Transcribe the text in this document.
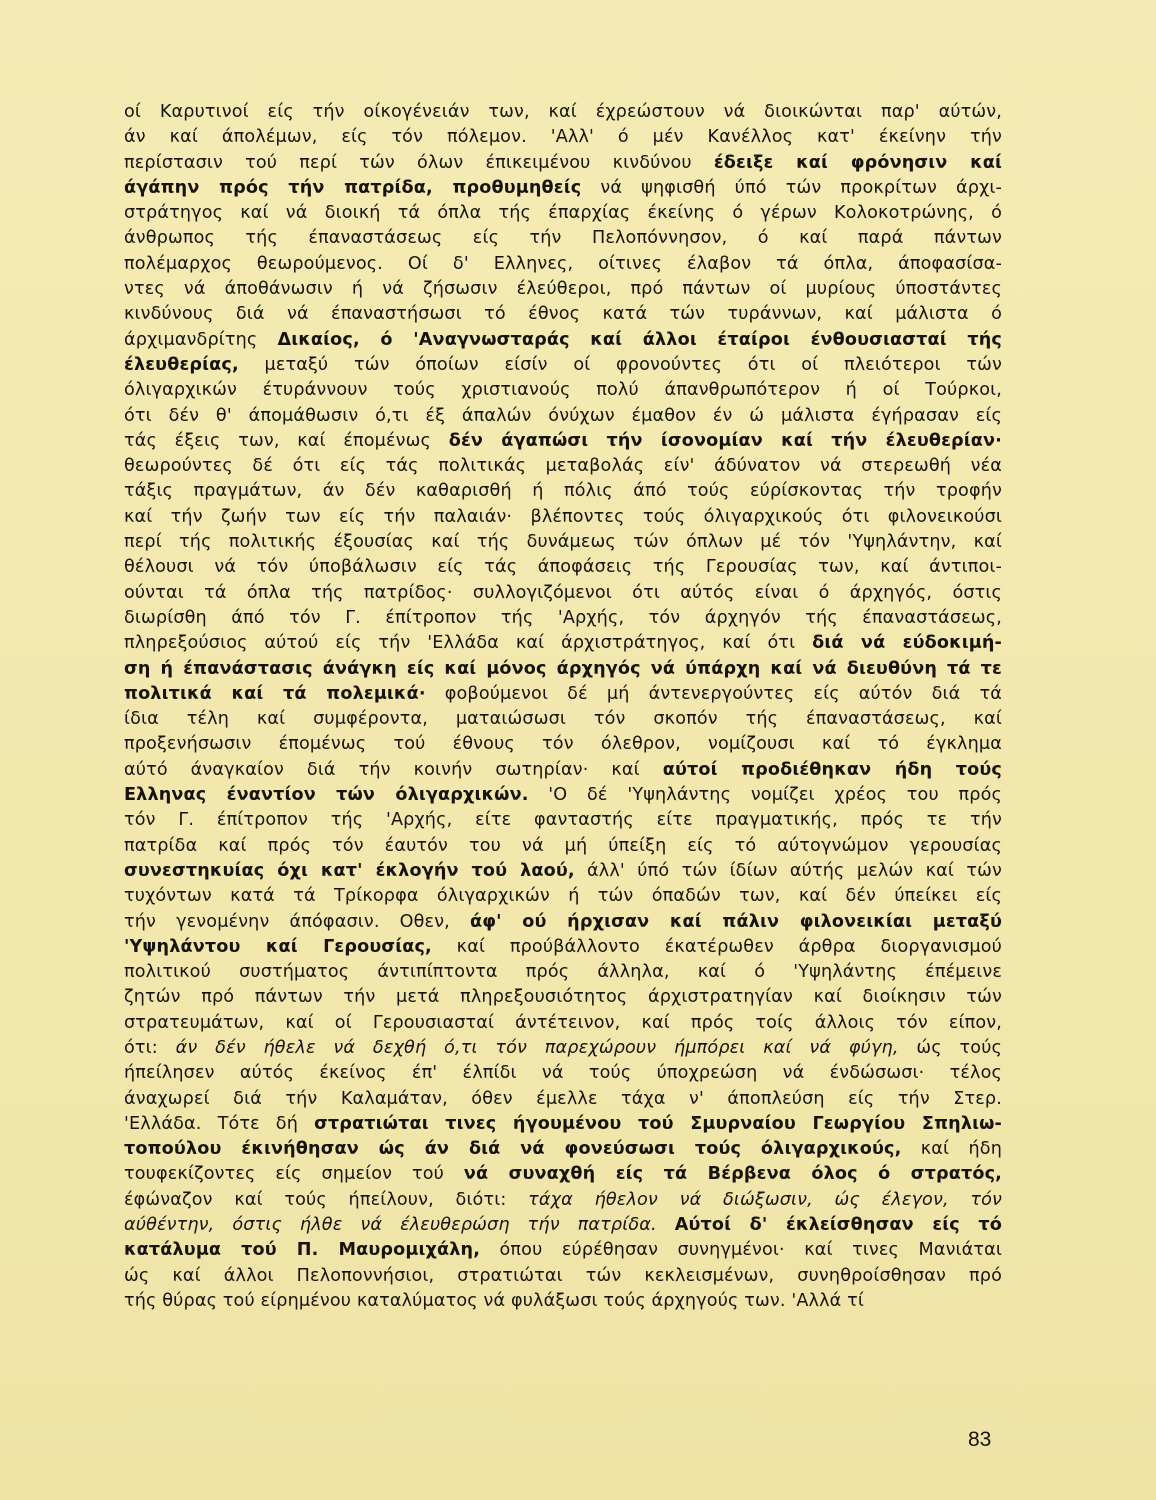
οί Καρυτινοί είς τήν οίκογένειάν των, καί έχρεώστουν νά διοικώνται παρ' αύτών,
άν καί άπολέμων, είς τόν πόλεμον. 'Αλλ' ό μέν Κανέλλος κατ' έκείνην τήν
περίστασιν τού περί τών όλων έπικειμένου κινδύνου έδειξε καί φρόνησιν καί
άγάπην πρός τήν πατρίδα, προθυμηθείς νά ψηφισθή ύπό τών προκρίτων άρχι-
στράτηγος καί νά διοική τά όπλα τής έπαρχίας έκείνης ό γέρων Κολοκοτρώνης, ό
άνθρωπος τής έπαναστάσεως είς τήν Πελοπόννησον, ό καί παρά πάντων
πολέμαρχος θεωρούμενος. Οί δ' Ελληνες, οίτινες έλαβον τά όπλα, άποφασίσα-
ντες νά άποθάνωσιν ή νά ζήσωσιν έλεύθεροι, πρό πάντων οί μυρίους ύποστάντες
κινδύνους διά νά έπαναστήσωσι τό έθνος κατά τών τυράννων, καί μάλιστα ό
άρχιμανδρίτης Δικαίος, ό 'Αναγνωσταράς καί άλλοι έταίροι ένθουσιασταί τής
έλευθερίας, μεταξύ τών όποίων είσίν οί φρονούντες ότι οί πλειότεροι τών
όλιγαρχικών έτυράννουν τούς χριστιανούς πολύ άπανθρωπότερον ή οί Τούρκοι,
ότι δέν θ' άπομάθωσιν ό,τι έξ άπαλών όνύχων έμαθον έν ώ μάλιστα έγήρασαν είς
τάς έξεις των, καί έπομένως δέν άγαπώσι τήν ίσονομίαν καί τήν έλευθερίαν·
θεωρούντες δέ ότι είς τάς πολιτικάς μεταβολάς είν' άδύνατον νά στερεωθή νέα
τάξις πραγμάτων, άν δέν καθαρισθή ή πόλις άπό τούς εύρίσκοντας τήν τροφήν
καί τήν ζωήν των είς τήν παλαιάν· βλέποντες τούς όλιγαρχικούς ότι φιλονεικούσι
περί τής πολιτικής έξουσίας καί τής δυνάμεως τών όπλων μέ τόν 'Υψηλάντην, καί
θέλουσι νά τόν ύποβάλωσιν είς τάς άποφάσεις τής Γερουσίας των, καί άντιποι-
ούνται τά όπλα τής πατρίδος· συλλογιζόμενοι ότι αύτός είναι ό άρχηγός, όστις
διωρίσθη άπό τόν Γ. έπίτροπον τής 'Αρχής, τόν άρχηγόν τής έπαναστάσεως,
πληρεξούσιος αύτού είς τήν 'Ελλάδα καί άρχιστράτηγος, καί ότι διά νά εύδοκιμή-
ση ή έπανάστασις άνάγκη είς καί μόνος άρχηγός νά ύπάρχη καί νά διευθύνη τά τε
πολιτικά καί τά πολεμικά· φοβούμενοι δέ μή άντενεργούντες είς αύτόν διά τά
ίδια τέλη καί συμφέροντα, ματαιώσωσι τόν σκοπόν τής έπαναστάσεως, καί
προξενήσωσιν έπομένως τού έθνους τόν όλεθρον, νομίζουσι καί τό έγκλημα
αύτό άναγκαίον διά τήν κοινήν σωτηρίαν· καί αύτοί προδιέθηκαν ήδη τούς
Ελληνας έναντίον τών όλιγαρχικών. 'Ο δέ 'Υψηλάντης νομίζει χρέος του πρός
τόν Γ. έπίτροπον τής 'Αρχής, είτε φανταστής είτε πραγματικής, πρός τε τήν
πατρίδα καί πρός τόν έαυτόν του νά μή ύπείξη είς τό αύτογνώμον γερουσίας
συνεστηκυίας όχι κατ' έκλογήν τού λαού, άλλ' ύπό τών ίδίων αύτής μελών καί τών
τυχόντων κατά τά Τρίκορφα όλιγαρχικών ή τών όπαδών των, καί δέν ύπείκει είς
τήν γενομένην άπόφασιν. Οθεν, άφ' ού ήρχισαν καί πάλιν φιλονεικίαι μεταξύ
'Υψηλάντου καί Γερουσίας, καί προύβάλλοντο έκατέρωθεν άρθρα διοργανισμού
πολιτικού συστήματος άντιπίπτοντα πρός άλληλα, καί ό 'Υψηλάντης έπέμεινε
ζητών πρό πάντων τήν μετά πληρεξουσιότητος άρχιστρατηγίαν καί διοίκησιν τών
στρατευμάτων, καί οί Γερουσιασταί άντέτεινον, καί πρός τοίς άλλοις τόν είπον,
ότι: άν δέν ήθελε νά δεχθή ό,τι τόν παρεχώρουν ήμπόρει καί νά φύγη, ώς τούς
ήπείλησεν αύτός έκείνος έπ' έλπίδι νά τούς ύποχρεώση νά ένδώσωσι· τέλος
άναχωρεί διά τήν Καλαμάταν, όθεν έμελλε τάχα ν' άποπλεύση είς τήν Στερ.
'Ελλάδα. Τότε δή στρατιώται τινες ήγουμένου τού Σμυρναίου Γεωργίου Σπηλιω-
τοπούλου έκινήθησαν ώς άν διά νά φονεύσωσι τούς όλιγαρχικούς, καί ήδη
τουφεκίζοντες είς σημείον τού νά συναχθή είς τά Βέρβενα όλος ό στρατός,
έφώναζον καί τούς ήπείλουν, διότι: τάχα ήθελον νά διώξωσιν, ώς έλεγον, τόν
αύθέντην, όστις ήλθε νά έλευθερώση τήν πατρίδα. Αύτοί δ' έκλείσθησαν είς τό
κατάλυμα τού Π. Μαυρομιχάλη, όπου εύρέθησαν συνηγμένοι· καί τινες Μανιάται
ώς καί άλλοι Πελοποννήσιοι, στρατιώται τών κεκλεισμένων, συνηθροίσθησαν πρό
τής θύρας τού είρημένου καταλύματος νά φυλάξωσι τούς άρχηγούς των. 'Αλλά τί
83
